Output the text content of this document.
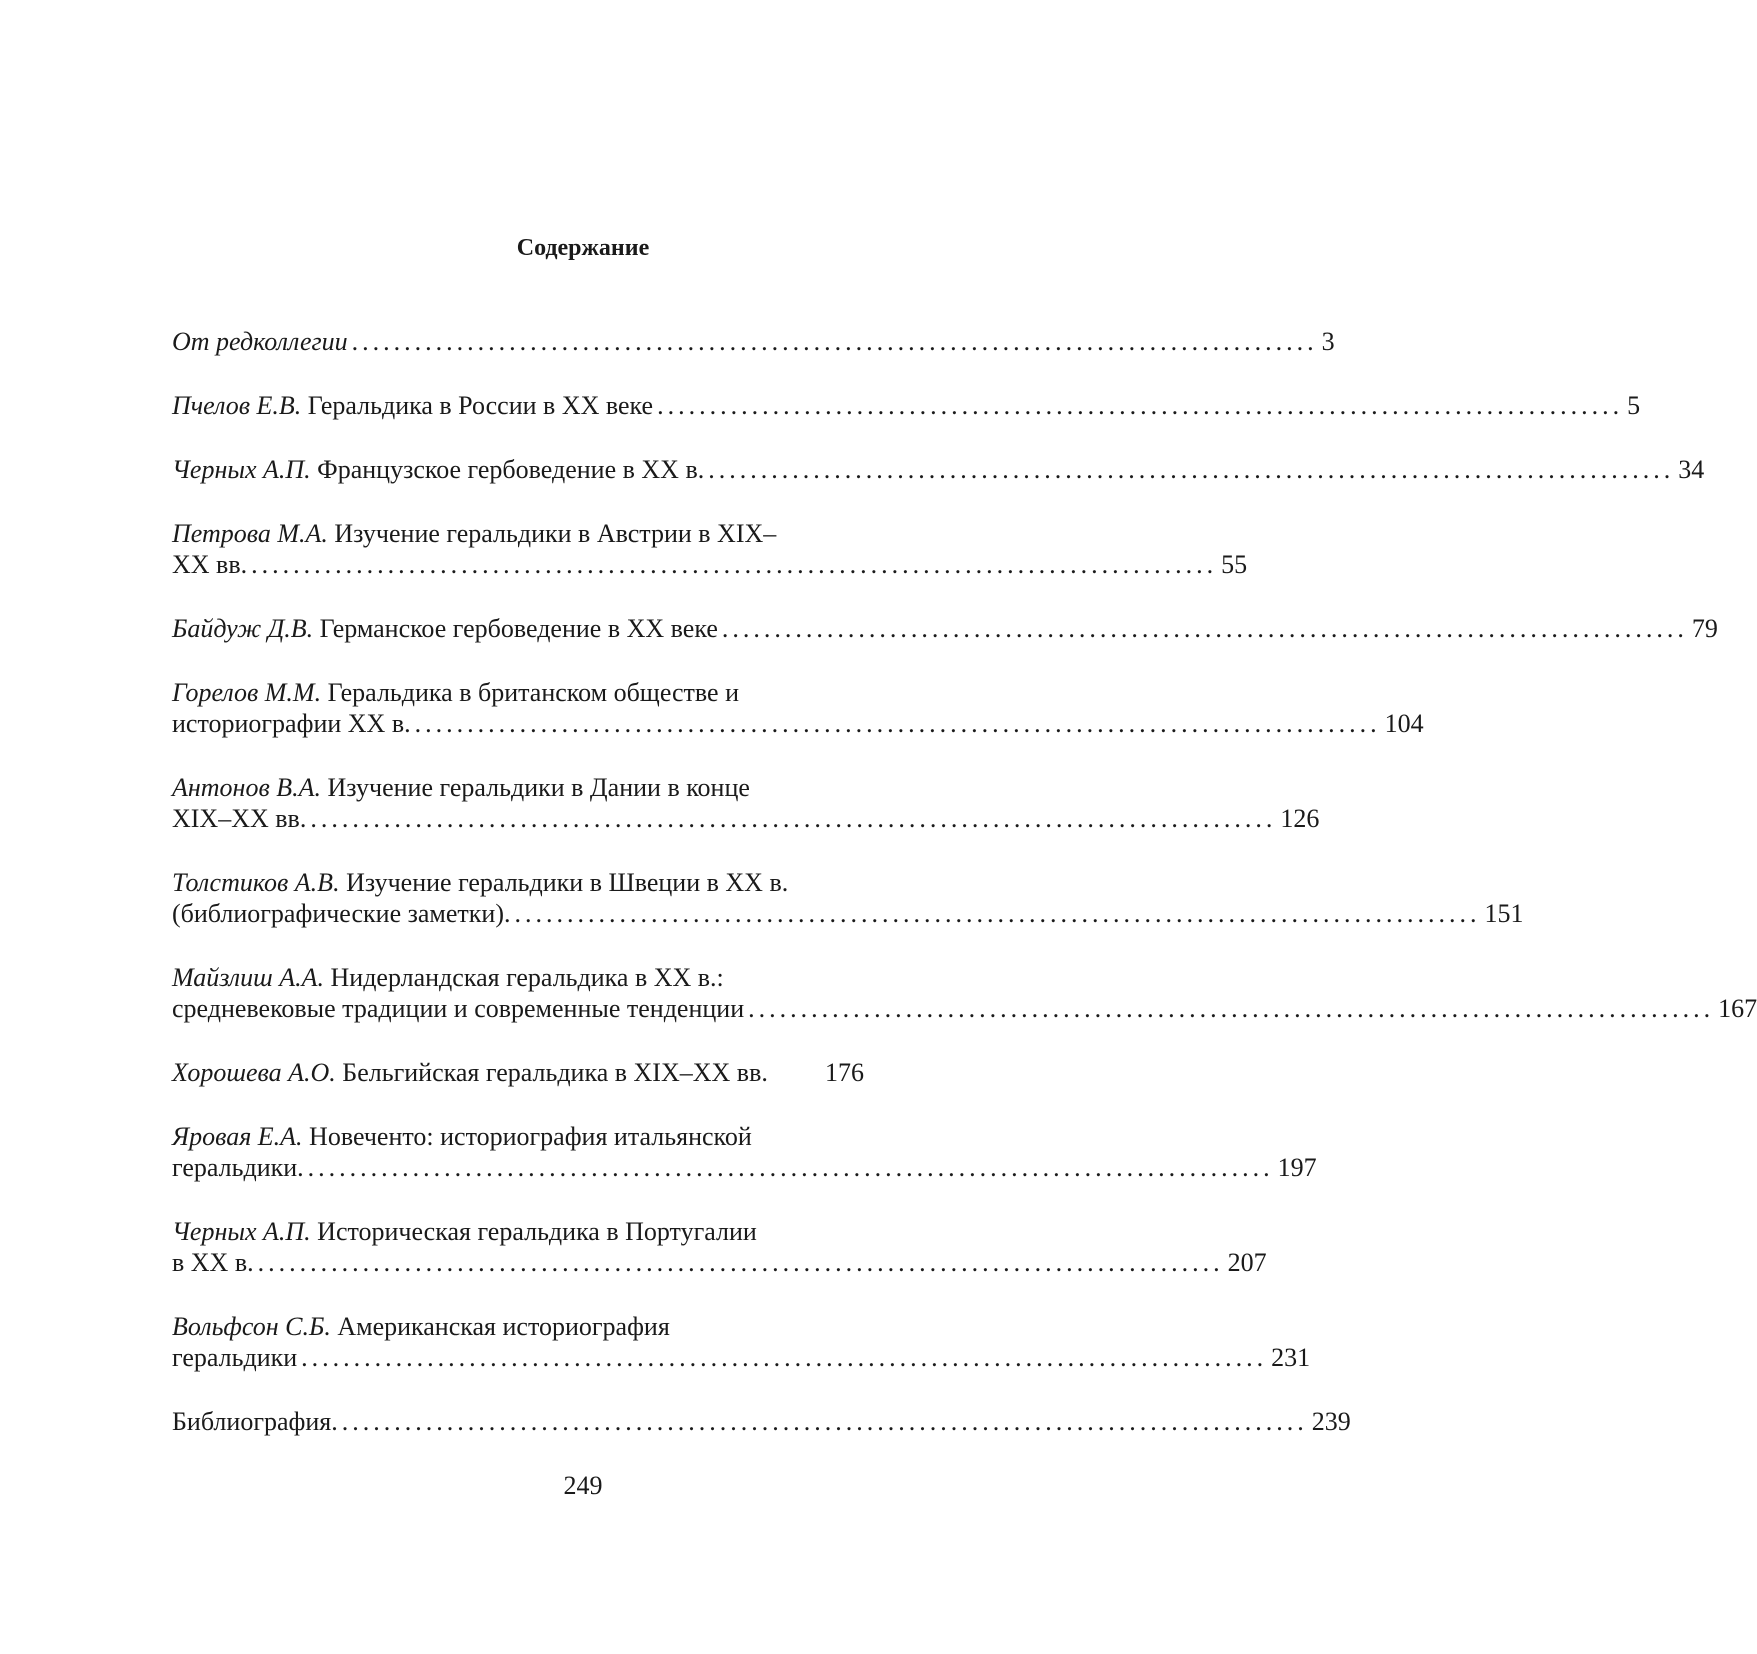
Содержание
От редколлегии ............................................................................................ 3
Пчелов Е.В. Геральдика в России в XX веке ............................................................................................ 5
Черных А.П. Французское гербоведение в XX в. ............................................................................................ 34
Петрова М.А. Изучение геральдики в Австрии в XIX–
XX вв. ............................................................................................ 55
Байдуж Д.В. Германское гербоведение в XX веке ............................................................................................ 79
Горелов М.М. Геральдика в британском обществе и
историографии XX в. ............................................................................................ 104
Антонов В.А. Изучение геральдики в Дании в конце
XIX–XX вв. ............................................................................................ 126
Толстиков А.В. Изучение геральдики в Швеции в XX в.
(библиографические заметки). ............................................................................................ 151
Майзлиш А.А. Нидерландская геральдика в XX в.:
средневековые традиции и современные тенденции ............................................................................................ 167
Хорошева А.О. Бельгийская геральдика в XIX–XX вв. 176
Яровая Е.А. Новеченто: историография итальянской
геральдики. ............................................................................................ 197
Черных А.П. Историческая геральдика в Португалии
в XX в. ............................................................................................ 207
Вольфсон С.Б. Американская историография
геральдики ............................................................................................ 231
Библиография. ............................................................................................ 239
249
